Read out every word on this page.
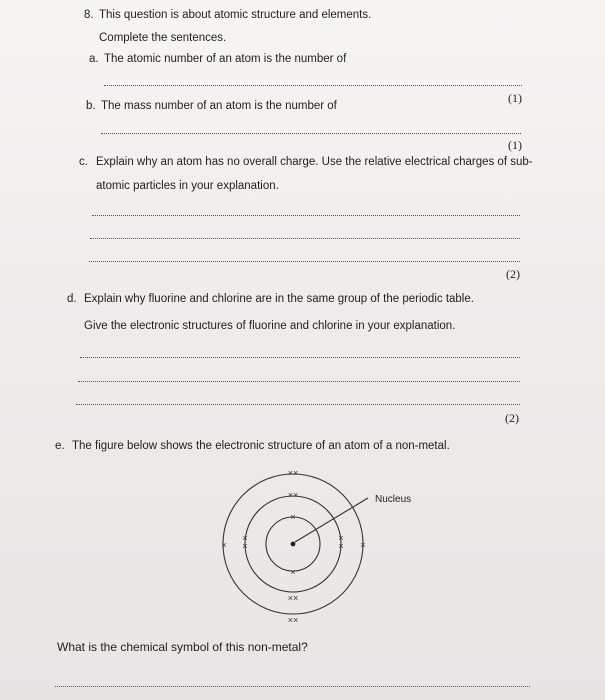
8. This question is about atomic structure and elements.
Complete the sentences.
a. The atomic number of an atom is the number of
(1)
b. The mass number of an atom is the number of
(1)
c. Explain why an atom has no overall charge. Use the relative electrical charges of sub-
atomic particles in your explanation.
(2)
d. Explain why fluorine and chlorine are in the same group of the periodic table.
Give the electronic structures of fluorine and chlorine in your explanation.
(2)
e. The figure below shows the electronic structure of an atom of a non-metal.
×
×
××
××
×
×
×
×
××
××
×	×
Nucleus
What is the chemical symbol of this non-metal?
